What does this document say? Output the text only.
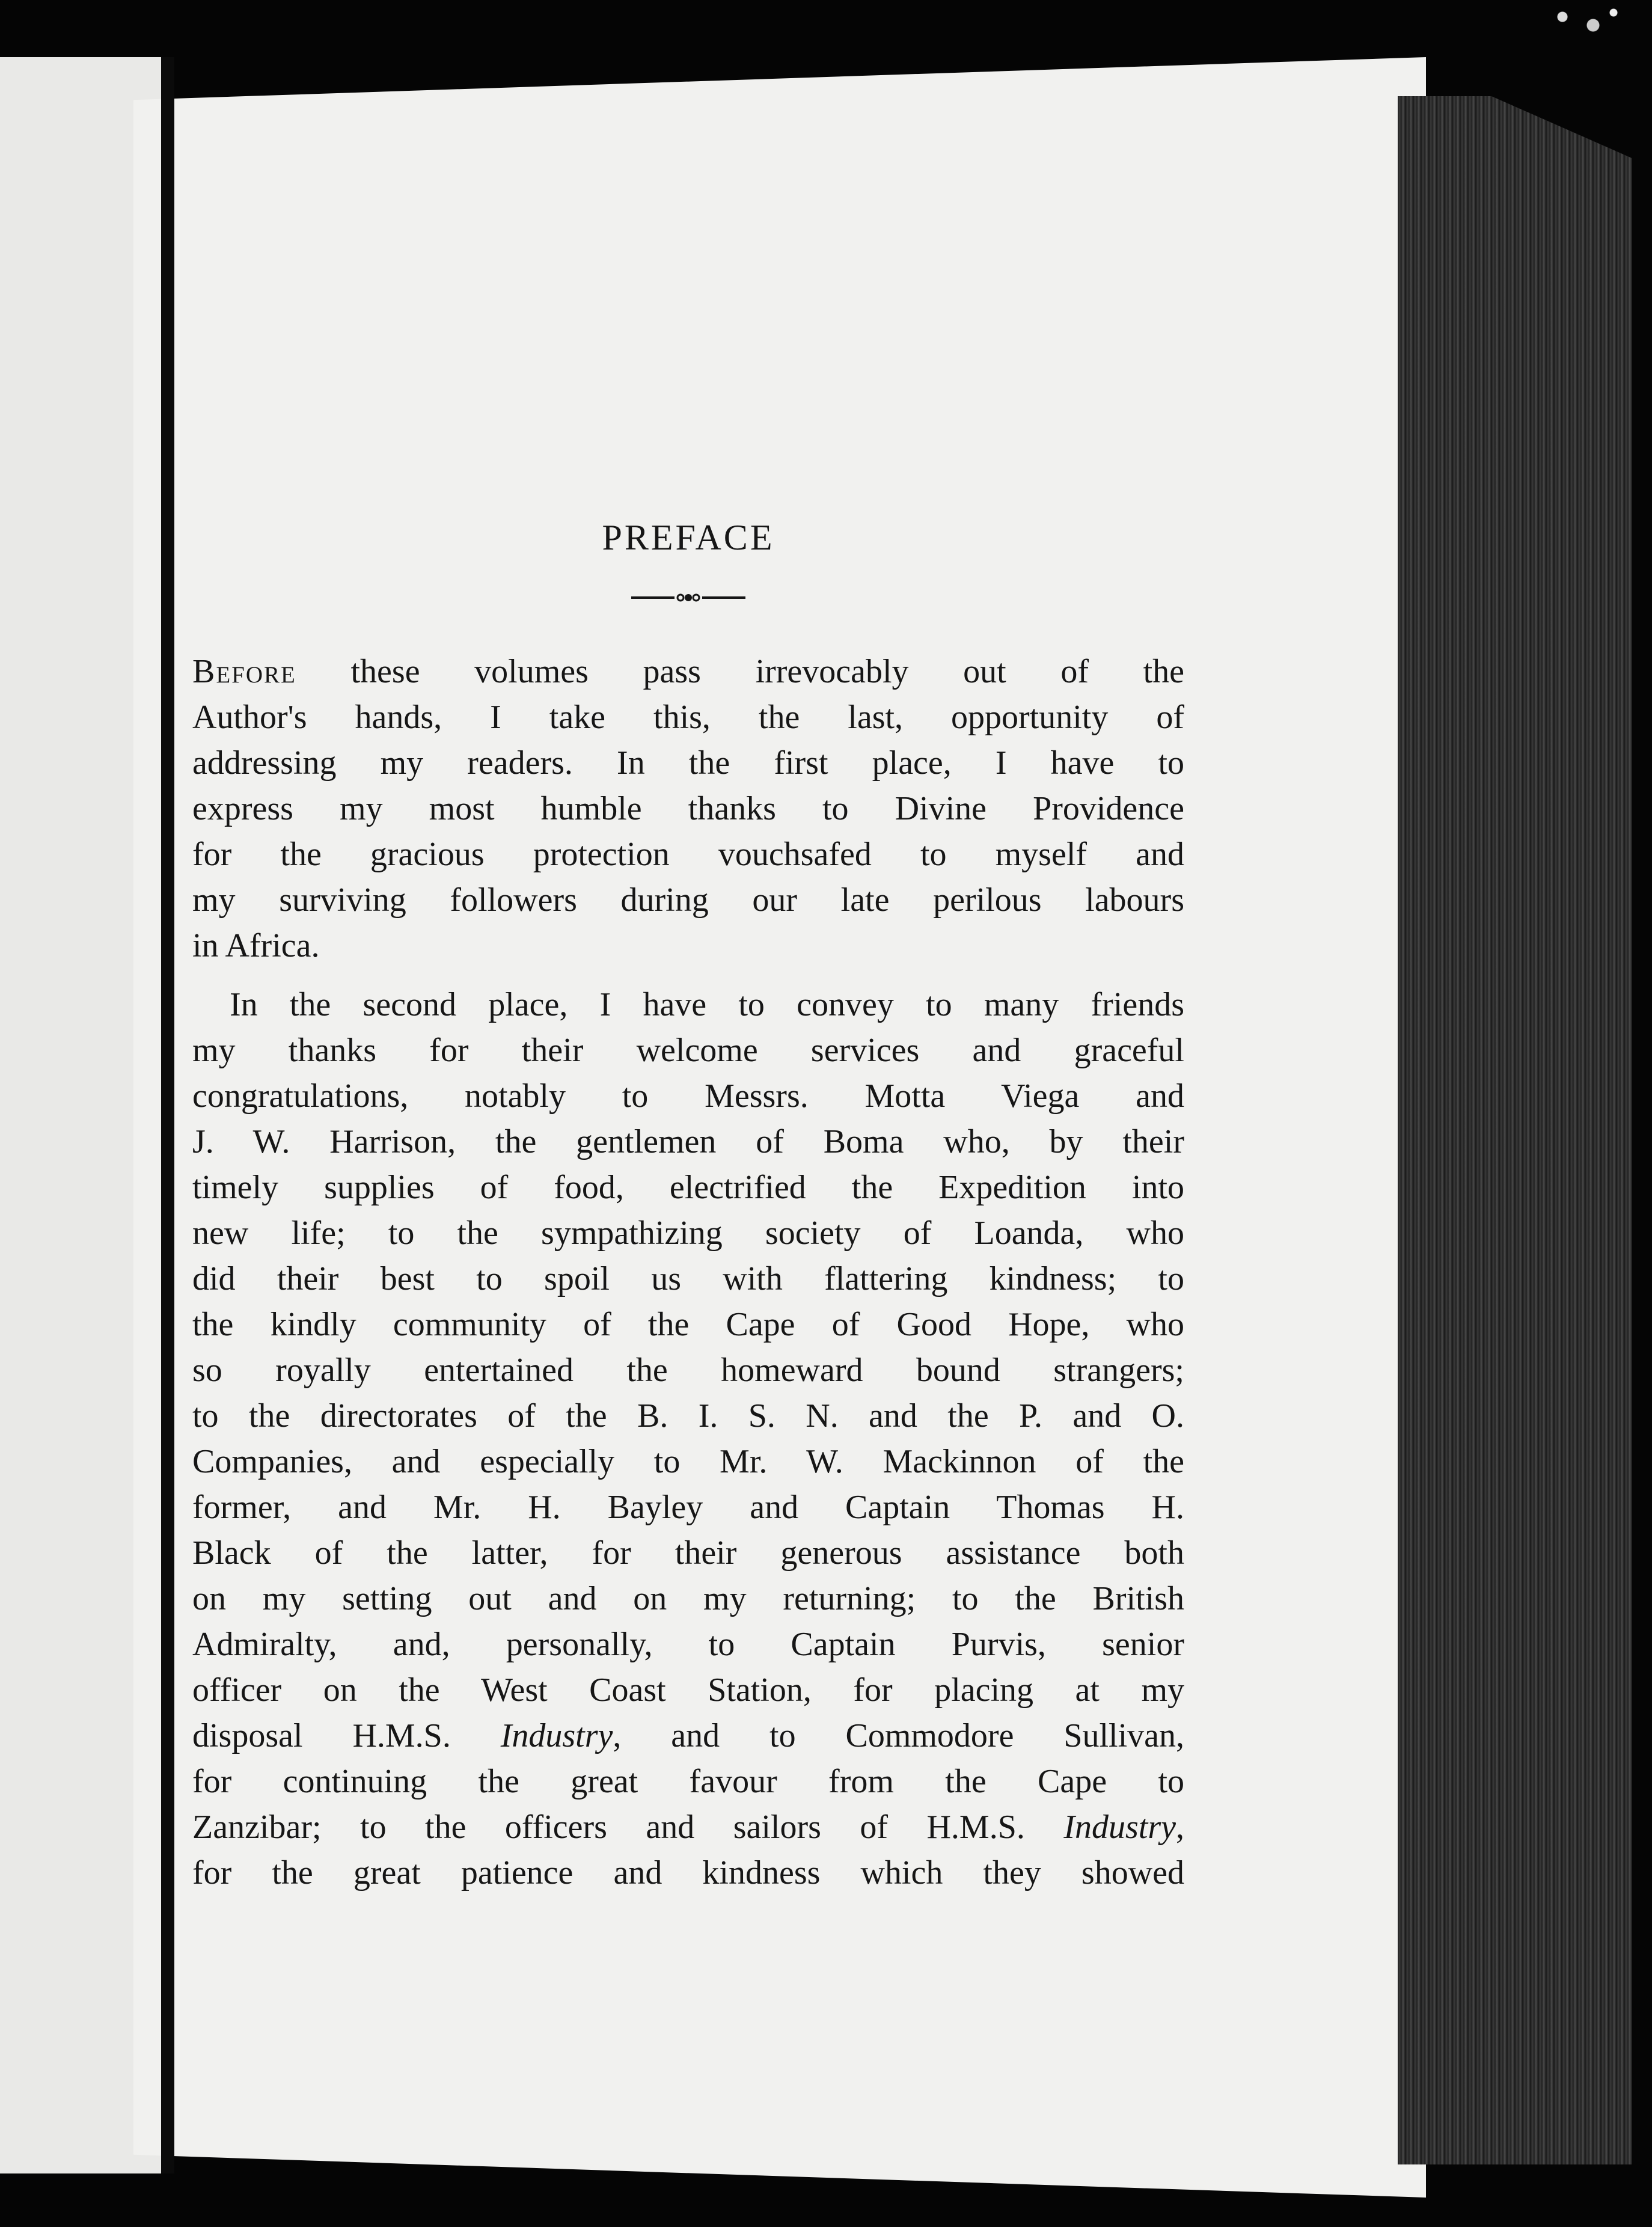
PREFACE
Before these volumes pass irrevocably out of the
Author's hands, I take this, the last, opportunity of
addressing my readers. In the first place, I have to
express my most humble thanks to Divine Providence
for the gracious protection vouchsafed to myself and
my surviving followers during our late perilous labours
in Africa.
In the second place, I have to convey to many friends
my thanks for their welcome services and graceful
congratulations, notably to Messrs. Motta Viega and
J. W. Harrison, the gentlemen of Boma who, by their
timely supplies of food, electrified the Expedition into
new life; to the sympathizing society of Loanda, who
did their best to spoil us with flattering kindness; to
the kindly community of the Cape of Good Hope, who
so royally entertained the homeward bound strangers;
to the directorates of the B. I. S. N. and the P. and O.
Companies, and especially to Mr. W. Mackinnon of the
former, and Mr. H. Bayley and Captain Thomas H.
Black of the latter, for their generous assistance both
on my setting out and on my returning; to the British
Admiralty, and, personally, to Captain Purvis, senior
officer on the West Coast Station, for placing at my
disposal H.M.S. Industry, and to Commodore Sullivan,
for continuing the great favour from the Cape to
Zanzibar; to the officers and sailors of H.M.S. Industry,
for the great patience and kindness which they showed
